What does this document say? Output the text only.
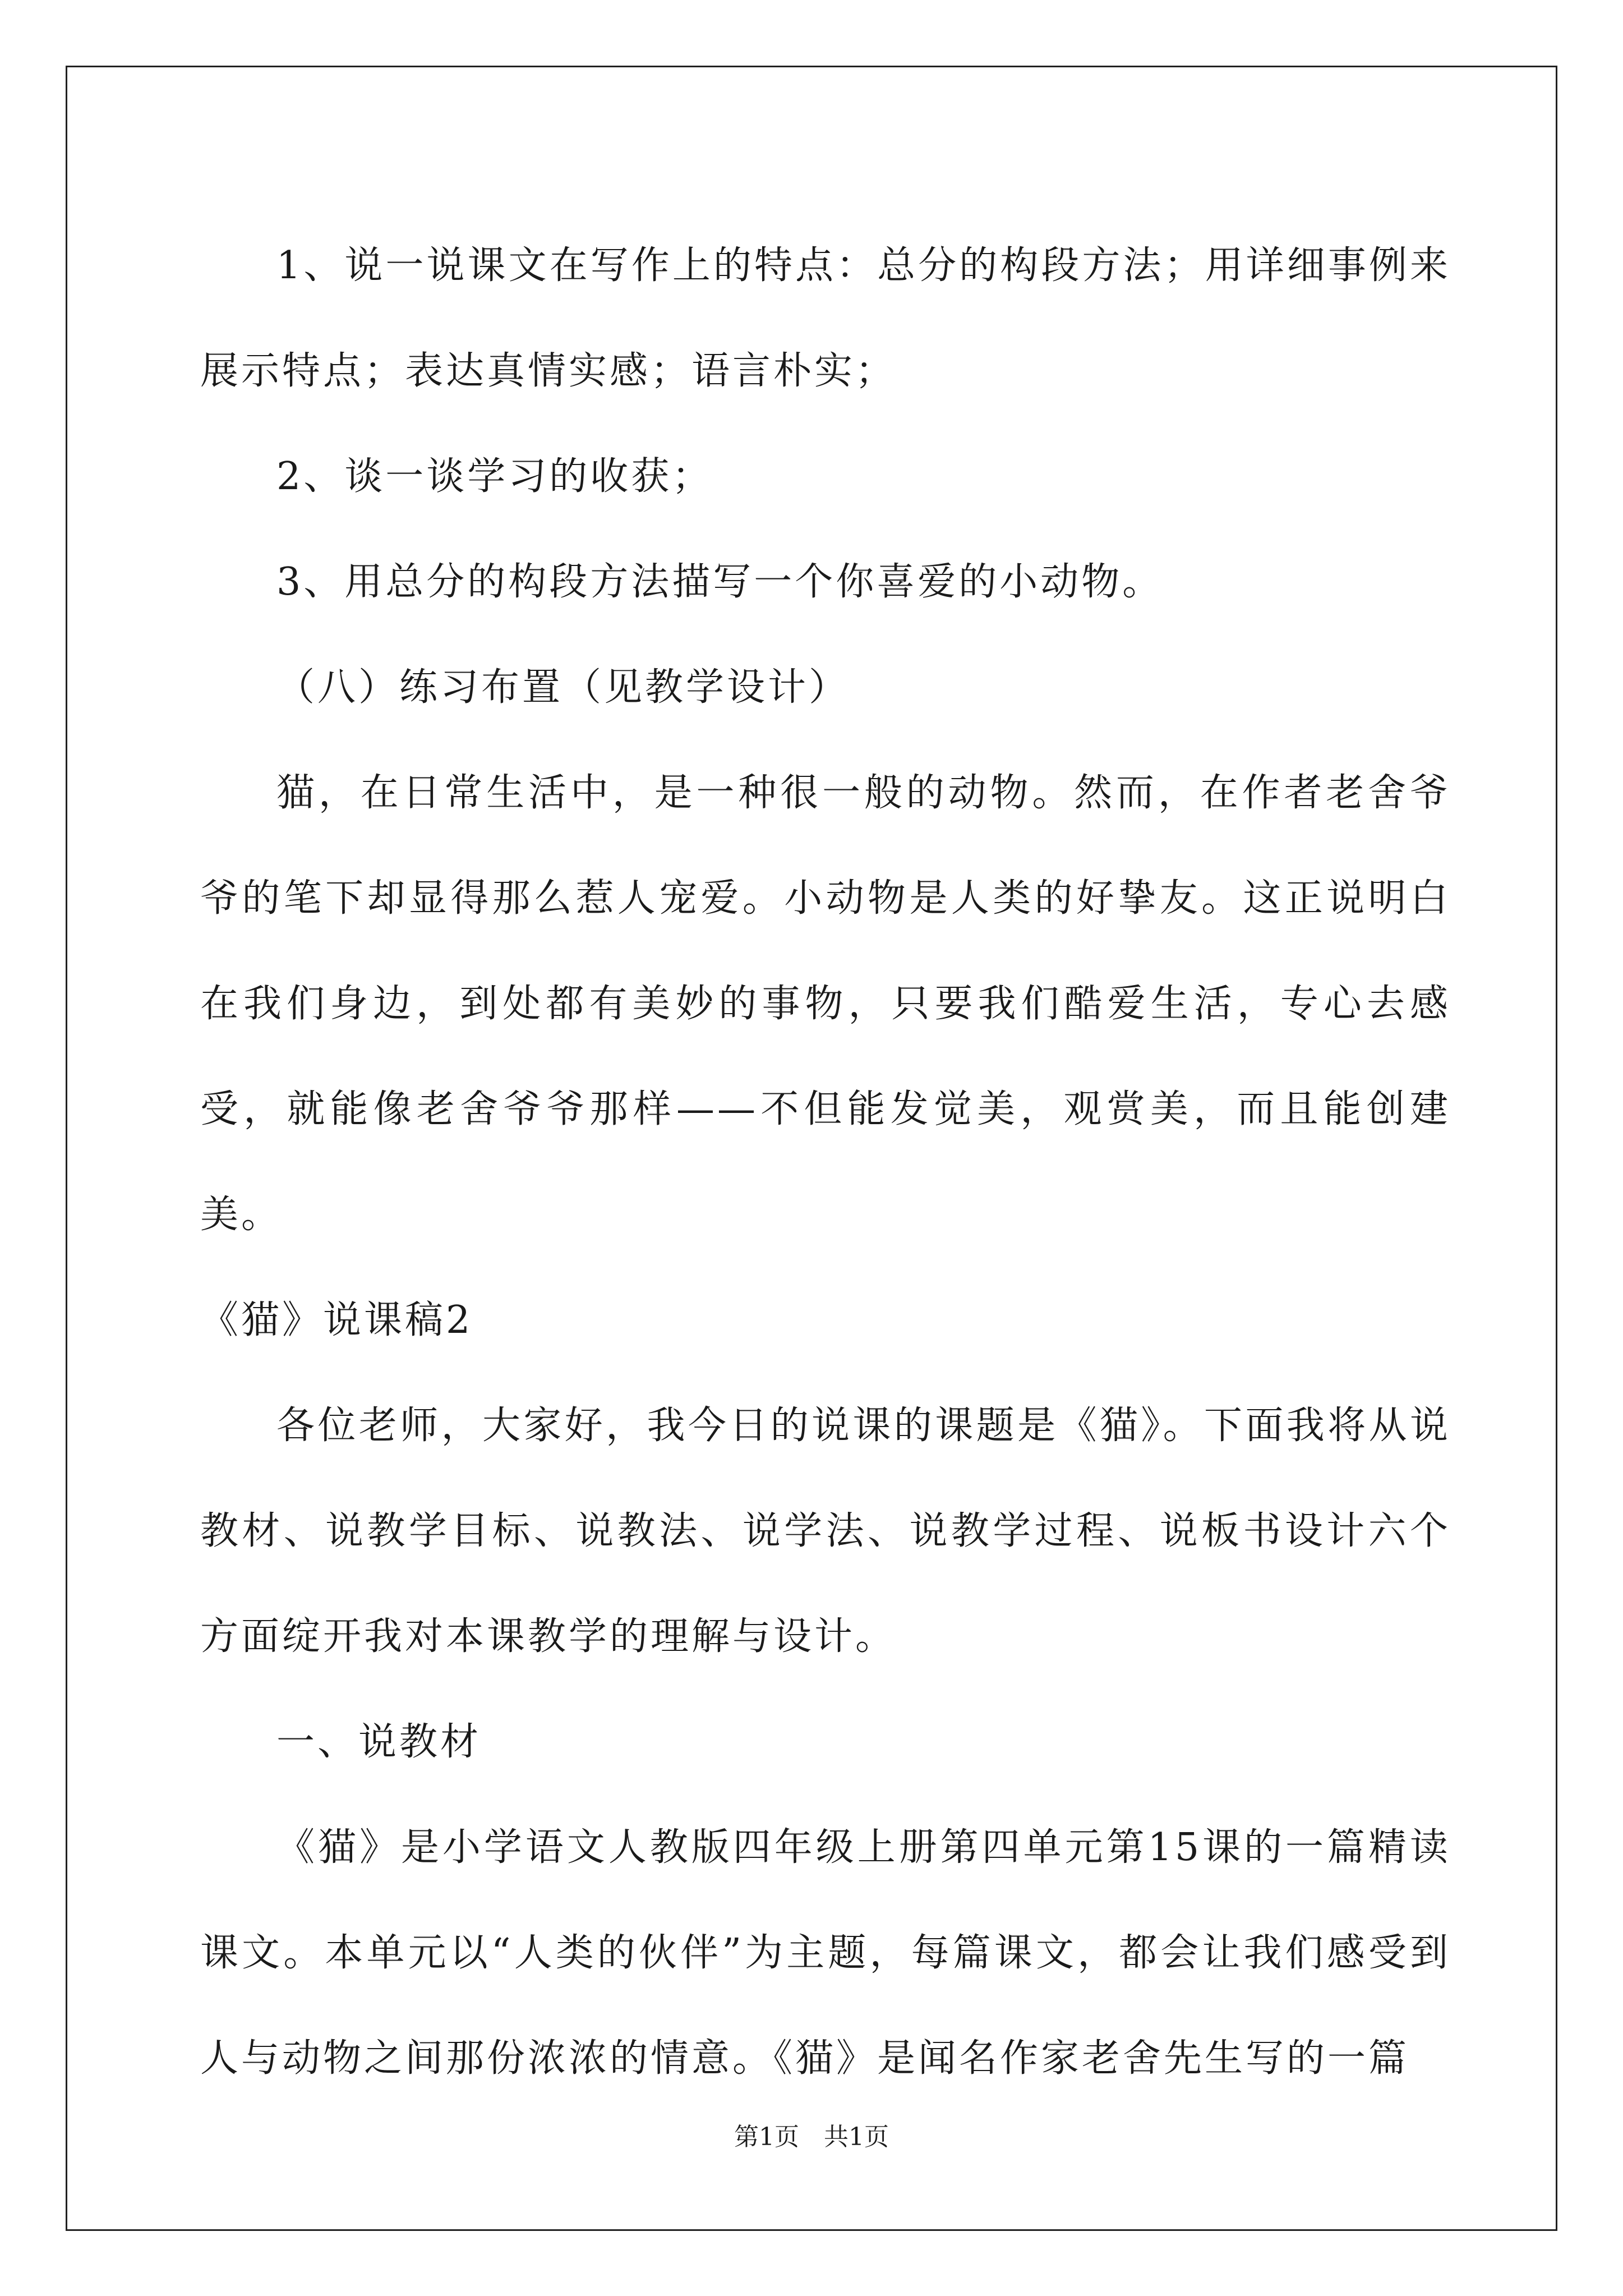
1、说一说课文在写作上的特点：总分的构段方法；用详细事例来展示特点；表达真情实感；语言朴实；

2、谈一谈学习的收获；

3、用总分的构段方法描写一个你喜爱的小动物。

（八）练习布置（见教学设计）

猫，在日常生活中，是一种很一般的动物。然而，在作者老舍爷爷的笔下却显得那么惹人宠爱。小动物是人类的好挚友。这正说明白在我们身边，到处都有美妙的事物，只要我们酷爱生活，专心去感受，就能像老舍爷爷那样——不但能发觉美，观赏美，而且能创建美。

《猫》说课稿2

各位老师，大家好，我今日的说课的课题是《猫》。下面我将从说教材、说教学目标、说教法、说学法、说教学过程、说板书设计六个方面绽开我对本课教学的理解与设计。

一、说教材

《猫》是小学语文人教版四年级上册第四单元第15课的一篇精读课文。本单元以“人类的伙伴”为主题，每篇课文，都会让我们感受到人与动物之间那份浓浓的情意。《猫》是闻名作家老舍先生写的一篇

第1页　共1页
